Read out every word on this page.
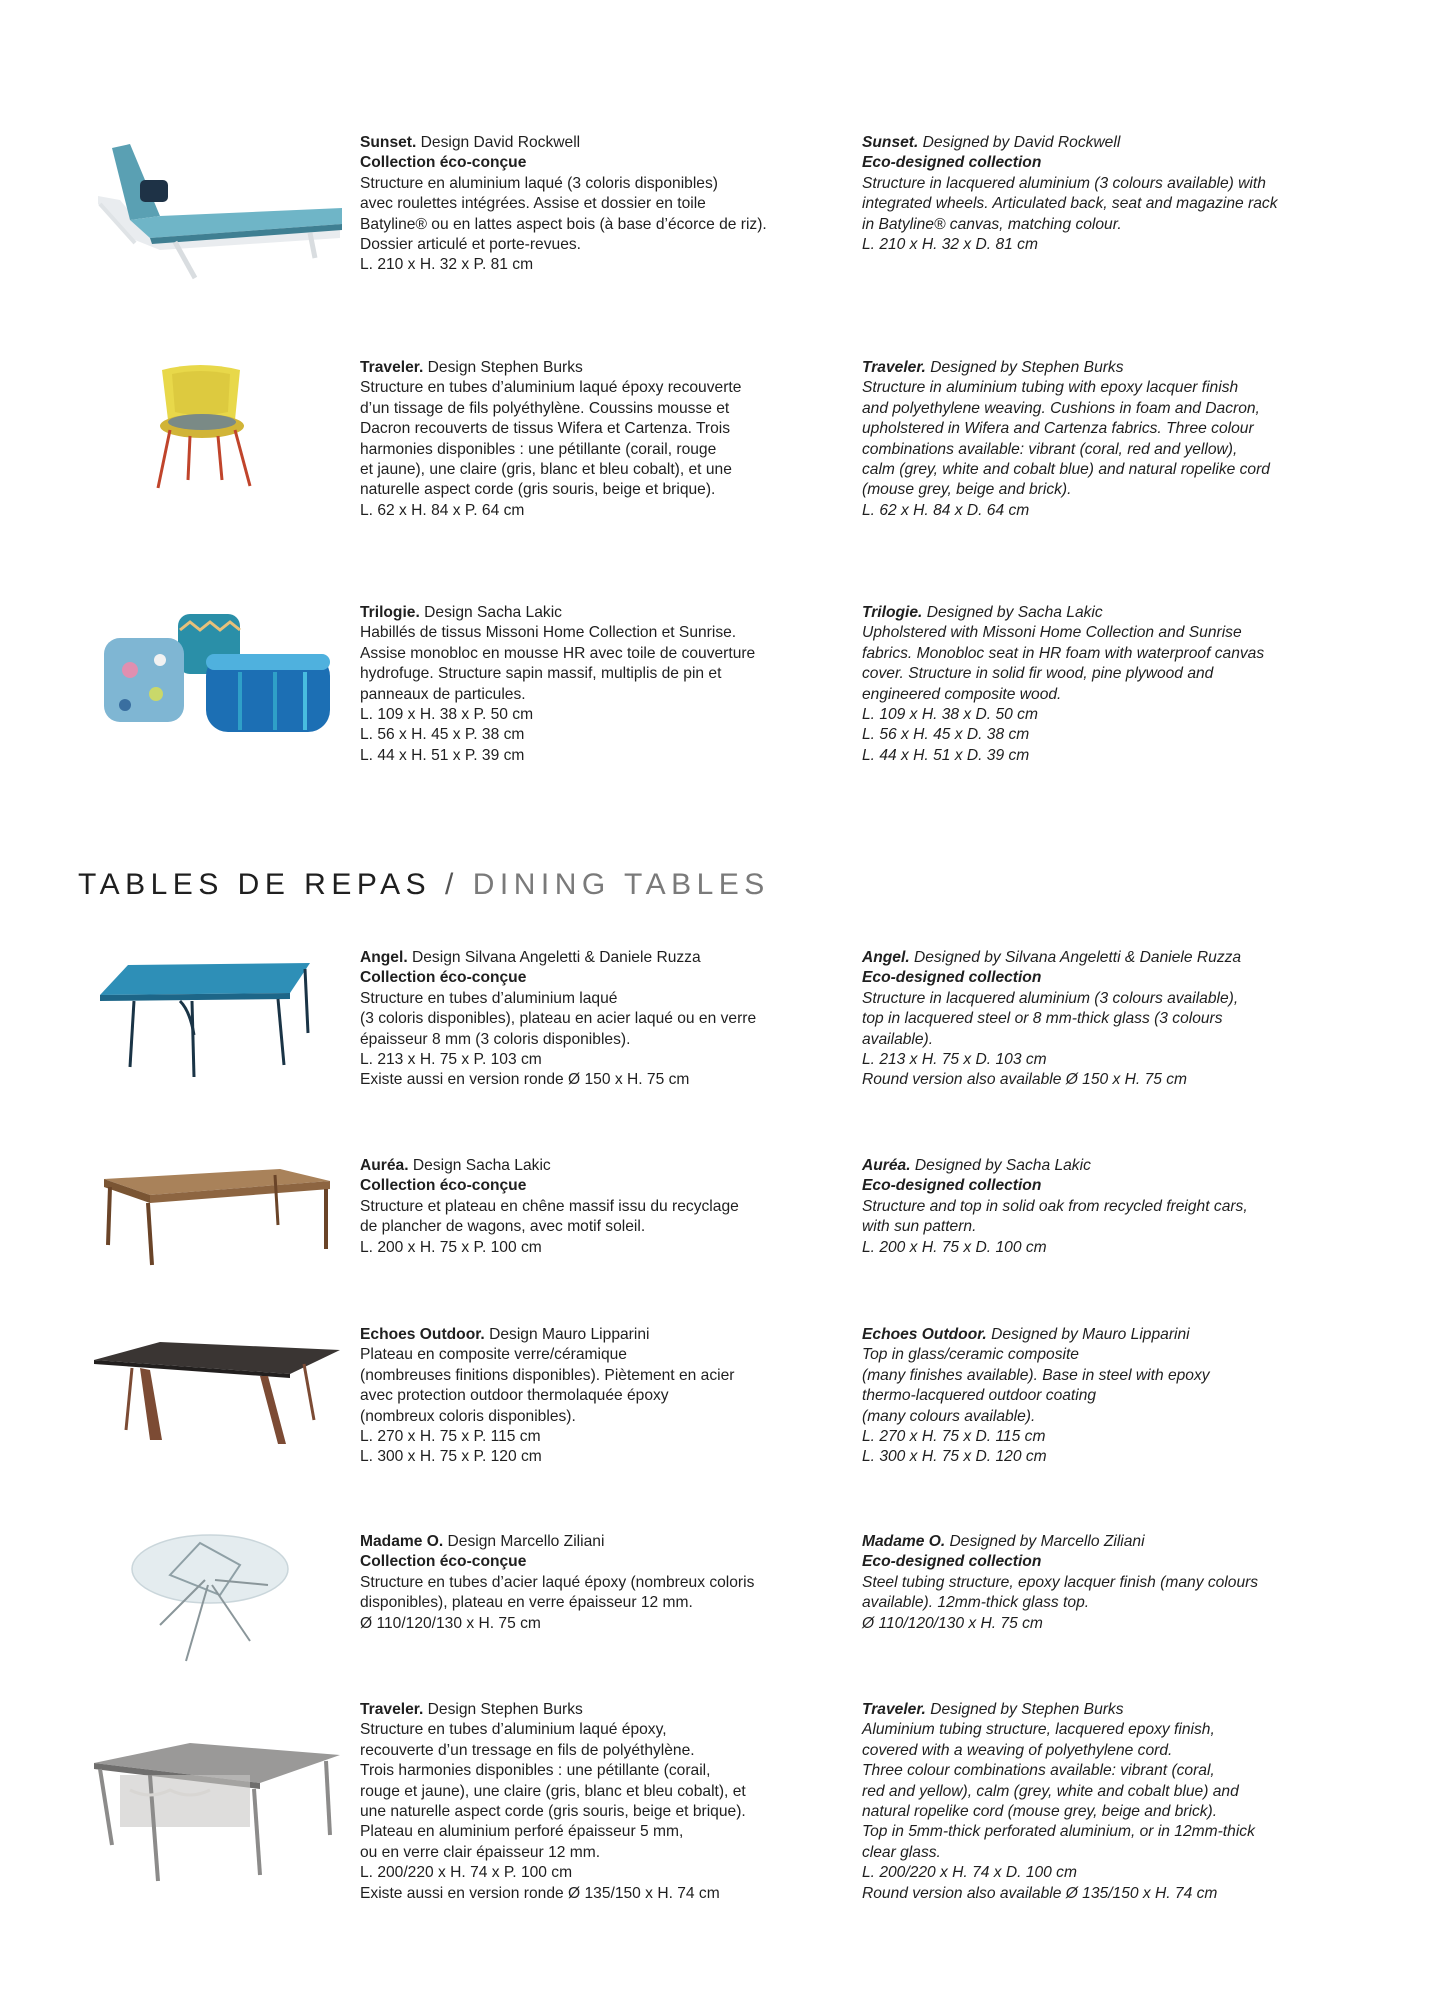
Sunset. Design David Rockwell
Collection éco-conçue
Structure en aluminium laqué (3 coloris disponibles)
avec roulettes intégrées. Assise et dossier en toile
Batyline® ou en lattes aspect bois (à base d’écorce de riz).
Dossier articulé et porte-revues.
L. 210 x H. 32 x P. 81 cm
Sunset. Designed by David Rockwell
Eco-designed collection
Structure in lacquered aluminium (3 colours available) with
integrated wheels. Articulated back, seat and magazine rack
in Batyline® canvas, matching colour.
L. 210 x H. 32 x D. 81 cm
Traveler. Design Stephen Burks
Structure en tubes d’aluminium laqué époxy recouverte
d’un tissage de fils polyéthylène. Coussins mousse et
Dacron recouverts de tissus Wifera et Cartenza. Trois
harmonies disponibles : une pétillante (corail, rouge
et jaune), une claire (gris, blanc et bleu cobalt), et une
naturelle aspect corde (gris souris, beige et brique).
L. 62 x H. 84 x P. 64 cm
Traveler. Designed by Stephen Burks
Structure in aluminium tubing with epoxy lacquer finish
and polyethylene weaving. Cushions in foam and Dacron,
upholstered in Wifera and Cartenza fabrics. Three colour
combinations available: vibrant (coral, red and yellow),
calm (grey, white and cobalt blue) and natural ropelike cord
(mouse grey, beige and brick).
L. 62 x H. 84 x D. 64 cm
Trilogie. Design Sacha Lakic
Habillés de tissus Missoni Home Collection et Sunrise.
Assise monobloc en mousse HR avec toile de couverture
hydrofuge. Structure sapin massif, multiplis de pin et
panneaux de particules.
L. 109 x H. 38 x P. 50 cm
L. 56 x H. 45 x P. 38 cm
L. 44 x H. 51 x P. 39 cm
Trilogie. Designed by Sacha Lakic
Upholstered with Missoni Home Collection and Sunrise
fabrics. Monobloc seat in HR foam with waterproof canvas
cover. Structure in solid fir wood, pine plywood and
engineered composite wood.
L. 109 x H. 38 x D. 50 cm
L. 56 x H. 45 x D. 38 cm
L. 44 x H. 51 x D. 39 cm
TABLES DE REPAS / DINING TABLES
Angel. Design Silvana Angeletti & Daniele Ruzza
Collection éco-conçue
Structure en tubes d’aluminium laqué
(3 coloris disponibles), plateau en acier laqué ou en verre
épaisseur 8 mm (3 coloris disponibles).
L. 213 x H. 75 x P. 103 cm
Existe aussi en version ronde Ø 150 x H. 75 cm
Angel. Designed by Silvana Angeletti & Daniele Ruzza
Eco-designed collection
Structure in lacquered aluminium (3 colours available),
top in lacquered steel or 8 mm-thick glass (3 colours
available).
L. 213 x H. 75 x D. 103 cm
Round version also available Ø 150 x H. 75 cm
Auréa. Design Sacha Lakic
Collection éco-conçue
Structure et plateau en chêne massif issu du recyclage
de plancher de wagons, avec motif soleil.
L. 200 x H. 75 x P. 100 cm
Auréa. Designed by Sacha Lakic
Eco-designed collection
Structure and top in solid oak from recycled freight cars,
with sun pattern.
L. 200 x H. 75 x D. 100 cm
Echoes Outdoor. Design Mauro Lipparini
Plateau en composite verre/céramique
(nombreuses finitions disponibles). Piètement en acier
avec protection outdoor thermolaquée époxy
(nombreux coloris disponibles).
L. 270 x H. 75 x P. 115 cm
L. 300 x H. 75 x P. 120 cm
Echoes Outdoor. Designed by Mauro Lipparini
Top in glass/ceramic composite
(many finishes available). Base in steel with epoxy
thermo-lacquered outdoor coating
(many colours available).
L. 270 x H. 75 x D. 115 cm
L. 300 x H. 75 x D. 120 cm
Madame O. Design Marcello Ziliani
Collection éco-conçue
Structure en tubes d’acier laqué époxy (nombreux coloris
disponibles), plateau en verre épaisseur 12 mm.
Ø 110/120/130 x H. 75 cm
Madame O. Designed by Marcello Ziliani
Eco-designed collection
Steel tubing structure, epoxy lacquer finish (many colours
available). 12mm-thick glass top.
Ø 110/120/130 x H. 75 cm
Traveler. Design Stephen Burks
Structure en tubes d’aluminium laqué époxy,
recouverte d’un tressage en fils de polyéthylène.
Trois harmonies disponibles : une pétillante (corail,
rouge et jaune), une claire (gris, blanc et bleu cobalt), et
une naturelle aspect corde (gris souris, beige et brique).
Plateau en aluminium perforé épaisseur 5 mm,
ou en verre clair épaisseur 12 mm.
L. 200/220 x H. 74 x P. 100 cm
Existe aussi en version ronde Ø 135/150 x H. 74 cm
Traveler. Designed by Stephen Burks
Aluminium tubing structure, lacquered epoxy finish,
covered with a weaving of polyethylene cord.
Three colour combinations available: vibrant (coral,
red and yellow), calm (grey, white and cobalt blue) and
natural ropelike cord (mouse grey, beige and brick).
Top in 5mm-thick perforated aluminium, or in 12mm-thick
clear glass.
L. 200/220 x H. 74 x D. 100 cm
Round version also available Ø 135/150 x H. 74 cm
